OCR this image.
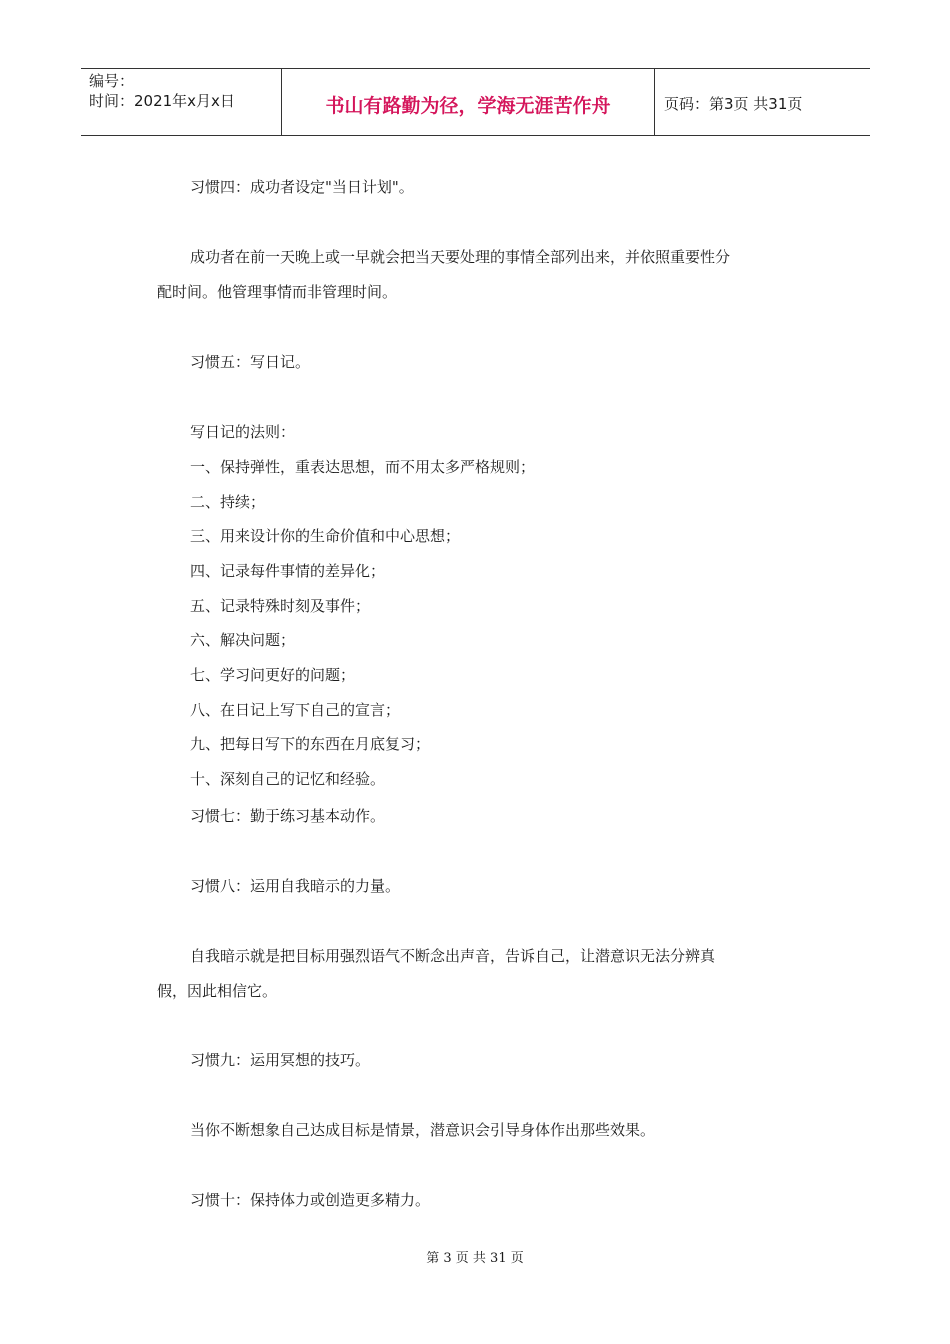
编号：
时间：2021年x月x日	书山有路勤为径，学海无涯苦作舟	页码：第3页 共31页
习惯四：成功者设定"当日计划"。
成功者在前一天晚上或一早就会把当天要处理的事情全部列出来，并依照重要性分
配时间。他管理事情而非管理时间。
习惯五：写日记。
写日记的法则：
一、保持弹性，重表达思想，而不用太多严格规则；
二、持续；
三、用来设计你的生命价值和中心思想；
四、记录每件事情的差异化；
五、记录特殊时刻及事件；
六、解决问题；
七、学习问更好的问题；
八、在日记上写下自己的宣言；
九、把每日写下的东西在月底复习；
十、深刻自己的记忆和经验。
习惯七：勤于练习基本动作。
习惯八：运用自我暗示的力量。
自我暗示就是把目标用强烈语气不断念出声音，告诉自己，让潜意识无法分辨真
假，因此相信它。
习惯九：运用冥想的技巧。
当你不断想象自己达成目标是情景，潜意识会引导身体作出那些效果。
习惯十：保持体力或创造更多精力。
第 3 页 共 31 页
